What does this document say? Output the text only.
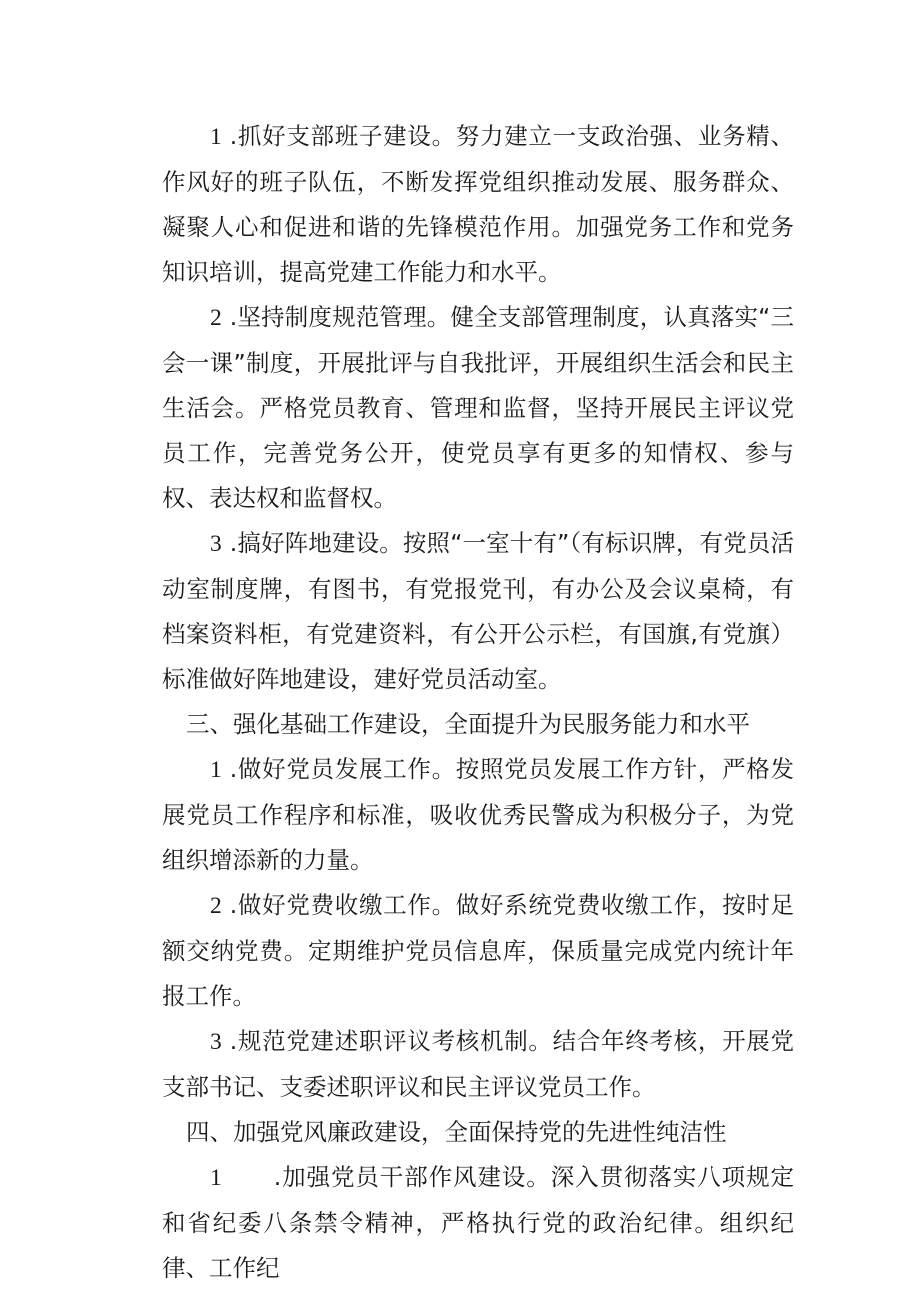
1 .抓好支部班子建设。努力建立一支政治强、业务精、作风好的班子队伍，不断发挥党组织推动发展、服务群众、凝聚人心和促进和谐的先锋模范作用。加强党务工作和党务知识培训，提高党建工作能力和水平。

2 .坚持制度规范管理。健全支部管理制度，认真落实“三会一课”制度，开展批评与自我批评，开展组织生活会和民主生活会。严格党员教育、管理和监督，坚持开展民主评议党员工作，完善党务公开，使党员享有更多的知情权、参与权、表达权和监督权。

3 .搞好阵地建设。按照“一室十有”（有标识牌，有党员活动室制度牌，有图书，有党报党刊，有办公及会议桌椅，有档案资料柜，有党建资料，有公开公示栏，有国旗,有党旗）标准做好阵地建设，建好党员活动室。

三、强化基础工作建设，全面提升为民服务能力和水平

1 .做好党员发展工作。按照党员发展工作方针，严格发展党员工作程序和标准，吸收优秀民警成为积极分子，为党组织增添新的力量。

2 .做好党费收缴工作。做好系统党费收缴工作，按时足额交纳党费。定期维护党员信息库，保质量完成党内统计年报工作。

3 .规范党建述职评议考核机制。结合年终考核，开展党支部书记、支委述职评议和民主评议党员工作。

四、加强党风廉政建设，全面保持党的先进性纯洁性

1 .加强党员干部作风建设。深入贯彻落实八项规定和省纪委八条禁令精神，严格执行党的政治纪律。组织纪律、工作纪
